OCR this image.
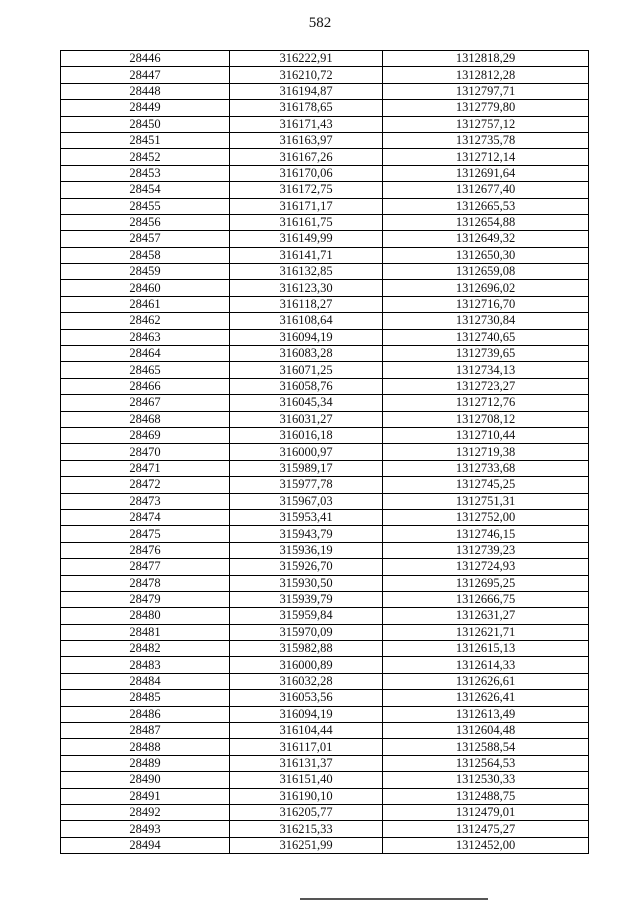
582
28446	316222,91	1312818,29
28447	316210,72	1312812,28
28448	316194,87	1312797,71
28449	316178,65	1312779,80
28450	316171,43	1312757,12
28451	316163,97	1312735,78
28452	316167,26	1312712,14
28453	316170,06	1312691,64
28454	316172,75	1312677,40
28455	316171,17	1312665,53
28456	316161,75	1312654,88
28457	316149,99	1312649,32
28458	316141,71	1312650,30
28459	316132,85	1312659,08
28460	316123,30	1312696,02
28461	316118,27	1312716,70
28462	316108,64	1312730,84
28463	316094,19	1312740,65
28464	316083,28	1312739,65
28465	316071,25	1312734,13
28466	316058,76	1312723,27
28467	316045,34	1312712,76
28468	316031,27	1312708,12
28469	316016,18	1312710,44
28470	316000,97	1312719,38
28471	315989,17	1312733,68
28472	315977,78	1312745,25
28473	315967,03	1312751,31
28474	315953,41	1312752,00
28475	315943,79	1312746,15
28476	315936,19	1312739,23
28477	315926,70	1312724,93
28478	315930,50	1312695,25
28479	315939,79	1312666,75
28480	315959,84	1312631,27
28481	315970,09	1312621,71
28482	315982,88	1312615,13
28483	316000,89	1312614,33
28484	316032,28	1312626,61
28485	316053,56	1312626,41
28486	316094,19	1312613,49
28487	316104,44	1312604,48
28488	316117,01	1312588,54
28489	316131,37	1312564,53
28490	316151,40	1312530,33
28491	316190,10	1312488,75
28492	316205,77	1312479,01
28493	316215,33	1312475,27
28494	316251,99	1312452,00
